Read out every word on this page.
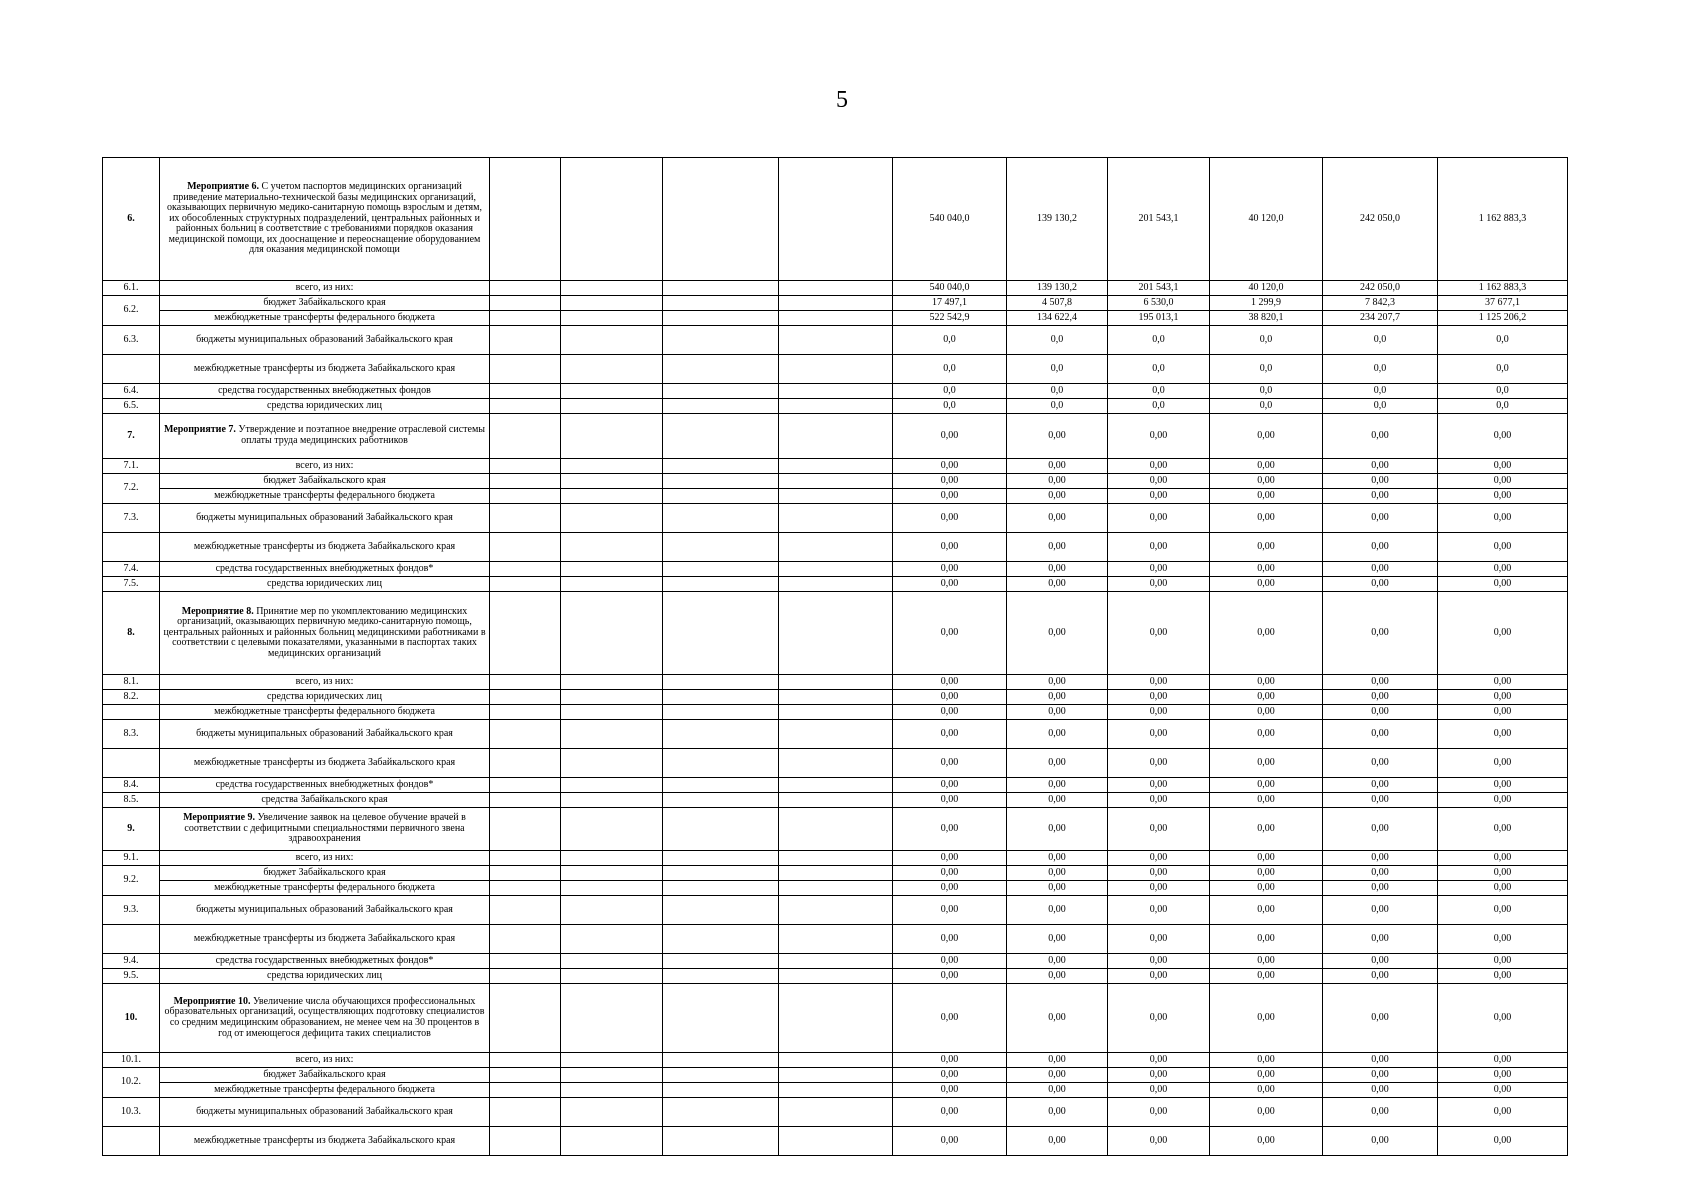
5
6.	Мероприятие 6. С учетом паспортов медицинских организаций приведение материально-технической базы медицинских организаций, оказывающих первичную медико-санитарную помощь взрослым и детям, их обособленных структурных подразделений, центральных районных и районных больниц в соответствие с требованиями порядков оказания медицинской помощи, их дооснащение и переоснащение оборудованием для оказания медицинской помощи					540 040,0	139 130,2	201 543,1	40 120,0	242 050,0	1 162 883,3
6.1.	всего, из них:					540 040,0	139 130,2	201 543,1	40 120,0	242 050,0	1 162 883,3
6.2.	бюджет Забайкальского края					17 497,1	4 507,8	6 530,0	1 299,9	7 842,3	37 677,1
	межбюджетные трансферты федерального бюджета					522 542,9	134 622,4	195 013,1	38 820,1	234 207,7	1 125 206,2
6.3.	бюджеты муниципальных образований Забайкальского края					0,0	0,0	0,0	0,0	0,0	0,0
	межбюджетные трансферты из бюджета Забайкальского края					0,0	0,0	0,0	0,0	0,0	0,0
6.4.	средства государственных внебюджетных фондов					0,0	0,0	0,0	0,0	0,0	0,0
6.5.	средства юридических лиц					0,0	0,0	0,0	0,0	0,0	0,0
7.	Мероприятие 7. Утверждение и поэтапное внедрение отраслевой системы оплаты труда медицинских работников					0,00	0,00	0,00	0,00	0,00	0,00
7.1.	всего, из них:					0,00	0,00	0,00	0,00	0,00	0,00
7.2.	бюджет Забайкальского края					0,00	0,00	0,00	0,00	0,00	0,00
	межбюджетные трансферты федерального бюджета					0,00	0,00	0,00	0,00	0,00	0,00
7.3.	бюджеты муниципальных образований Забайкальского края					0,00	0,00	0,00	0,00	0,00	0,00
	межбюджетные трансферты из бюджета Забайкальского края					0,00	0,00	0,00	0,00	0,00	0,00
7.4.	средства государственных внебюджетных фондов*					0,00	0,00	0,00	0,00	0,00	0,00
7.5.	средства юридических лиц					0,00	0,00	0,00	0,00	0,00	0,00
8.	Мероприятие 8. Принятие мер по укомплектованию медицинских организаций, оказывающих первичную медико-санитарную помощь, центральных районных и районных больниц медицинскими работниками в соответствии с целевыми показателями, указанными в паспортах таких медицинских организаций					0,00	0,00	0,00	0,00	0,00	0,00
8.1.	всего, из них:					0,00	0,00	0,00	0,00	0,00	0,00
8.2.	средства юридических лиц					0,00	0,00	0,00	0,00	0,00	0,00
	межбюджетные трансферты федерального бюджета					0,00	0,00	0,00	0,00	0,00	0,00
8.3.	бюджеты муниципальных образований Забайкальского края					0,00	0,00	0,00	0,00	0,00	0,00
	межбюджетные трансферты из бюджета Забайкальского края					0,00	0,00	0,00	0,00	0,00	0,00
8.4.	средства государственных внебюджетных фондов*					0,00	0,00	0,00	0,00	0,00	0,00
8.5.	средства Забайкальского края					0,00	0,00	0,00	0,00	0,00	0,00
9.	Мероприятие 9. Увеличение заявок на целевое обучение врачей в соответствии с дефицитными специальностями первичного звена здравоохранения					0,00	0,00	0,00	0,00	0,00	0,00
9.1.	всего, из них:					0,00	0,00	0,00	0,00	0,00	0,00
9.2.	бюджет Забайкальского края					0,00	0,00	0,00	0,00	0,00	0,00
	межбюджетные трансферты федерального бюджета					0,00	0,00	0,00	0,00	0,00	0,00
9.3.	бюджеты муниципальных образований Забайкальского края					0,00	0,00	0,00	0,00	0,00	0,00
	межбюджетные трансферты из бюджета Забайкальского края					0,00	0,00	0,00	0,00	0,00	0,00
9.4.	средства государственных внебюджетных фондов*					0,00	0,00	0,00	0,00	0,00	0,00
9.5.	средства юридических лиц					0,00	0,00	0,00	0,00	0,00	0,00
10.	Мероприятие 10. Увеличение числа обучающихся профессиональных образовательных организаций, осуществляющих подготовку специалистов со средним медицинским образованием, не менее чем на 30 процентов в год от имеющегося дефицита таких специалистов					0,00	0,00	0,00	0,00	0,00	0,00
10.1.	всего, из них:					0,00	0,00	0,00	0,00	0,00	0,00
10.2.	бюджет Забайкальского края					0,00	0,00	0,00	0,00	0,00	0,00
	межбюджетные трансферты федерального бюджета					0,00	0,00	0,00	0,00	0,00	0,00
10.3.	бюджеты муниципальных образований Забайкальского края					0,00	0,00	0,00	0,00	0,00	0,00
	межбюджетные трансферты из бюджета Забайкальского края					0,00	0,00	0,00	0,00	0,00	0,00
